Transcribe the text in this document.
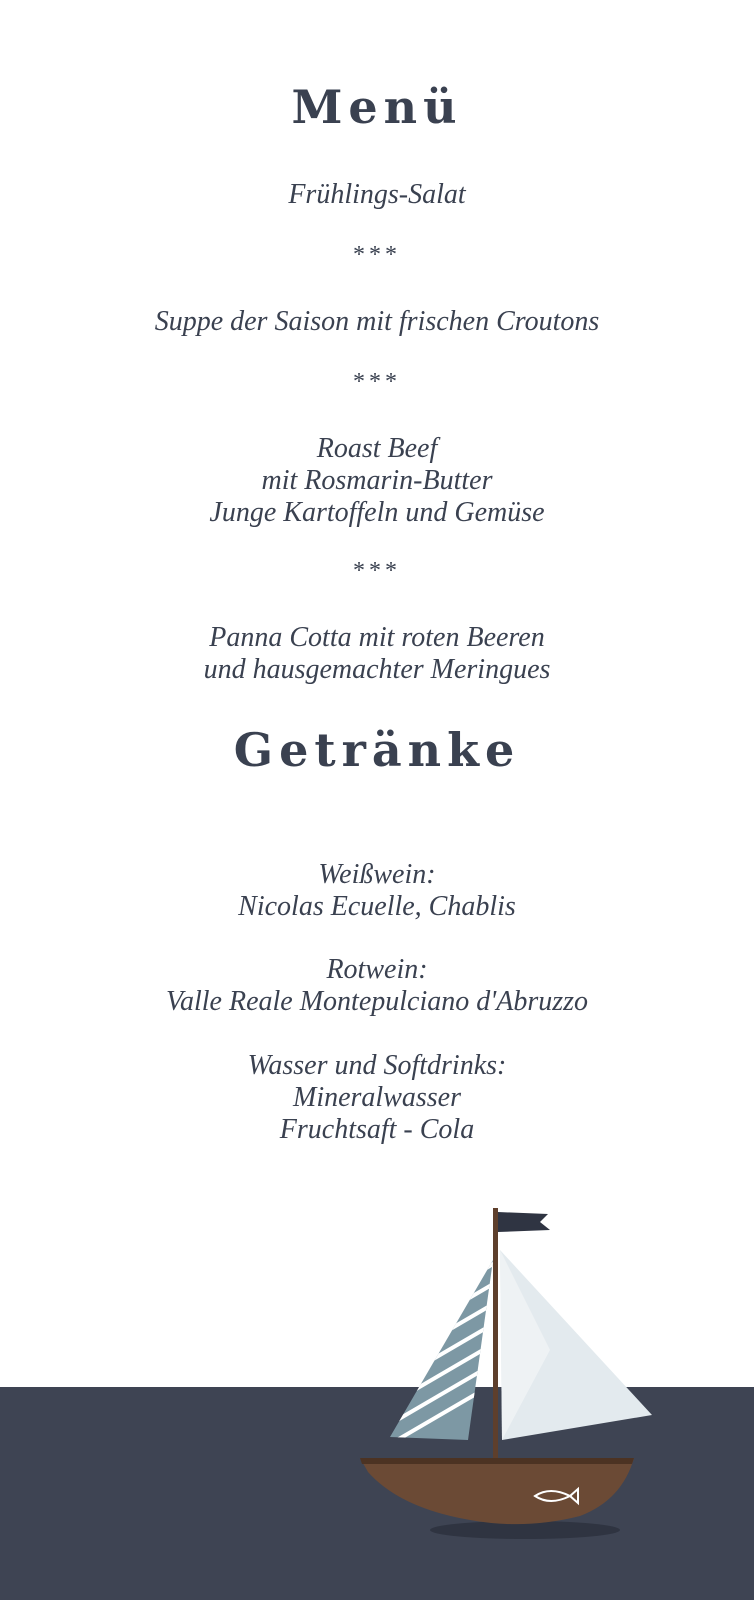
Menü
Frühlings-Salat
***
Suppe der Saison mit frischen Croutons
***
Roast Beef
mit Rosmarin-Butter
Junge Kartoffeln und Gemüse
***
Panna Cotta mit roten Beeren
und hausgemachter Meringues
Getränke
Weißwein:
Nicolas Ecuelle, Chablis
Rotwein:
Valle Reale Montepulciano d'Abruzzo
Wasser und Softdrinks:
Mineralwasser
Fruchtsaft - Cola
